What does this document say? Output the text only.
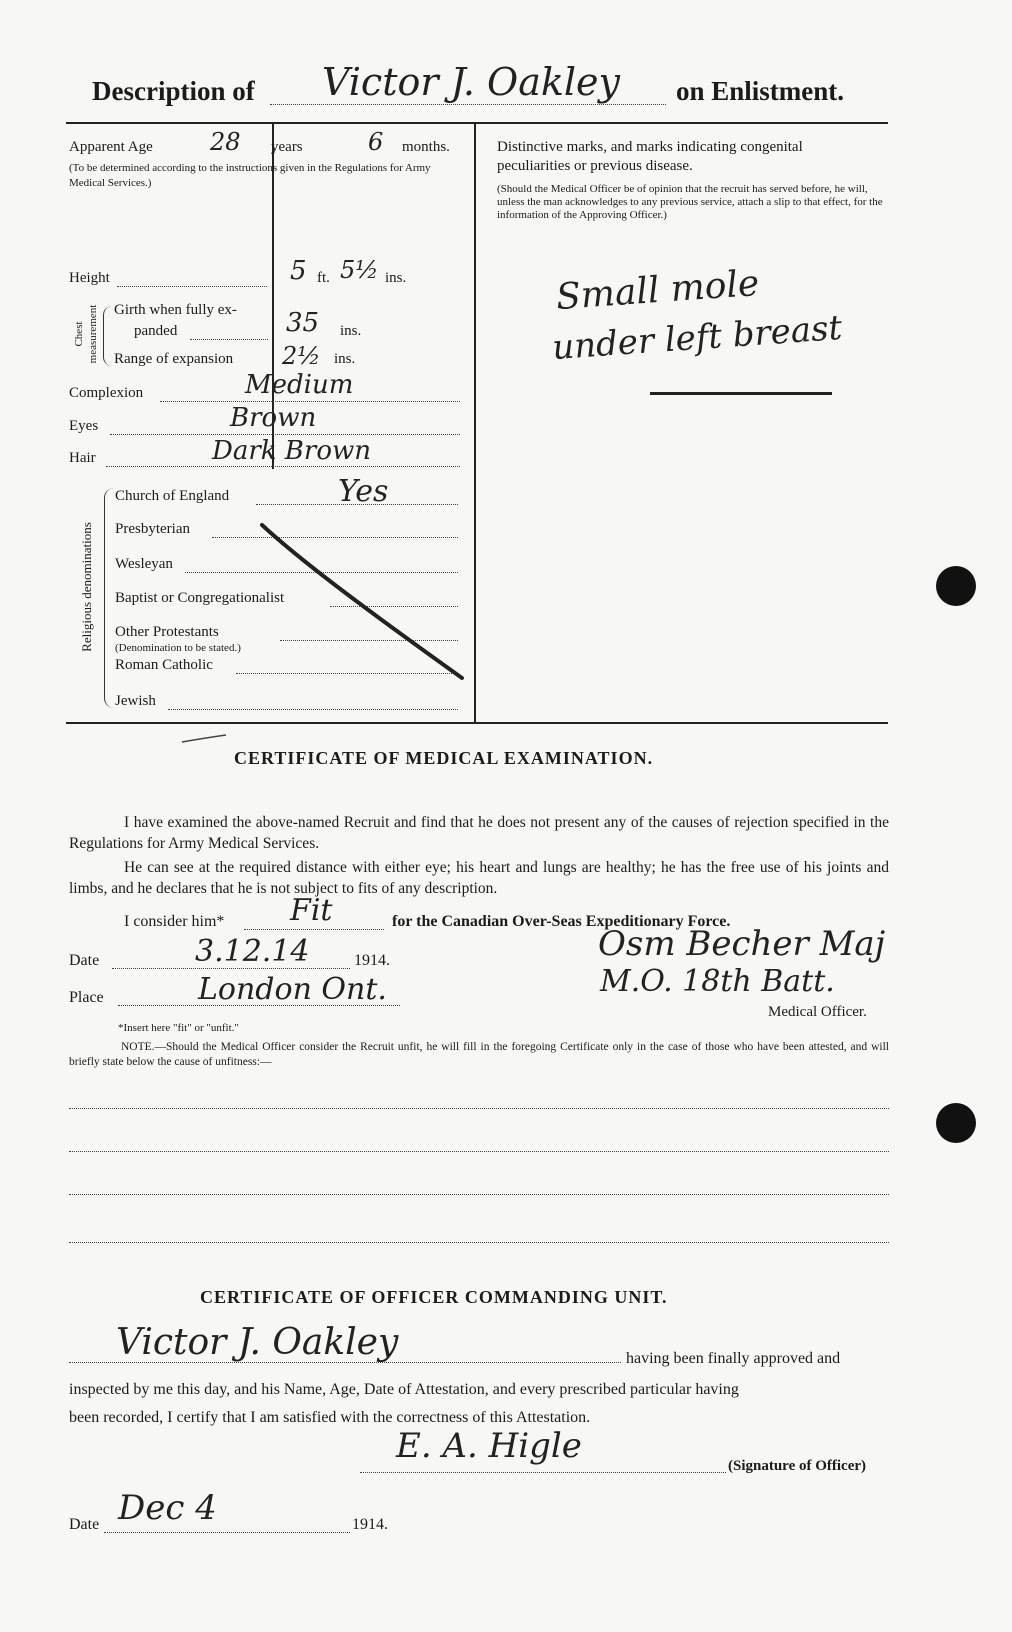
Description of Victor J. Oakley on Enlistment.
Apparent Age 28 years	6 months.
(To be determined according to the instructions given in the Regulations for Army Medical Services.)
Height	5 ft. 5½ ins.
Chest measurement Girth when fully ex-
panded	35 ins.
Range of expansion 2½ ins.
Complexion	Medium
Eyes	Brown
Hair	Dark Brown
Religious denominations
Church of England	Yes
Presbyterian
Wesleyan
Baptist or Congregationalist
Other Protestants
(Denomination to be stated.)
Roman Catholic
Jewish
Distinctive marks, and marks indicating congenital
peculiarities or previous disease.
(Should the Medical Officer be of opinion that the recruit has served before, he will, unless the man acknowledges to any previous service, attach a slip to that effect, for the information of the Approving Officer.)
Small mole
under left breast
CERTIFICATE OF MEDICAL EXAMINATION.
I have examined the above-named Recruit and find that he does not present any of the causes of rejection specified in the Regulations for Army Medical Services.
He can see at the required distance with either eye; his heart and lungs are healthy; he has the free use of his joints and limbs, and he declares that he is not subject to fits of any description.
I consider him* Fit	for the Canadian Over-Seas Expeditionary Force.
Date	3.12.14	1914.
Place	London Ont.
Osm Becher Maj
M.O. 18th Batt.
Medical Officer.
*Insert here "fit" or "unfit."
NOTE.—Should the Medical Officer consider the Recruit unfit, he will fill in the foregoing Certificate only in the case of those who have been attested, and will briefly state below the cause of unfitness:—
CERTIFICATE OF OFFICER COMMANDING UNIT.
Victor J. Oakley	having been finally approved and
inspected by me this day, and his Name, Age, Date of Attestation, and every prescribed particular having
been recorded, I certify that I am satisfied with the correctness of this Attestation.
E. A. Higle	(Signature of Officer)
Date Dec 4	1914.
